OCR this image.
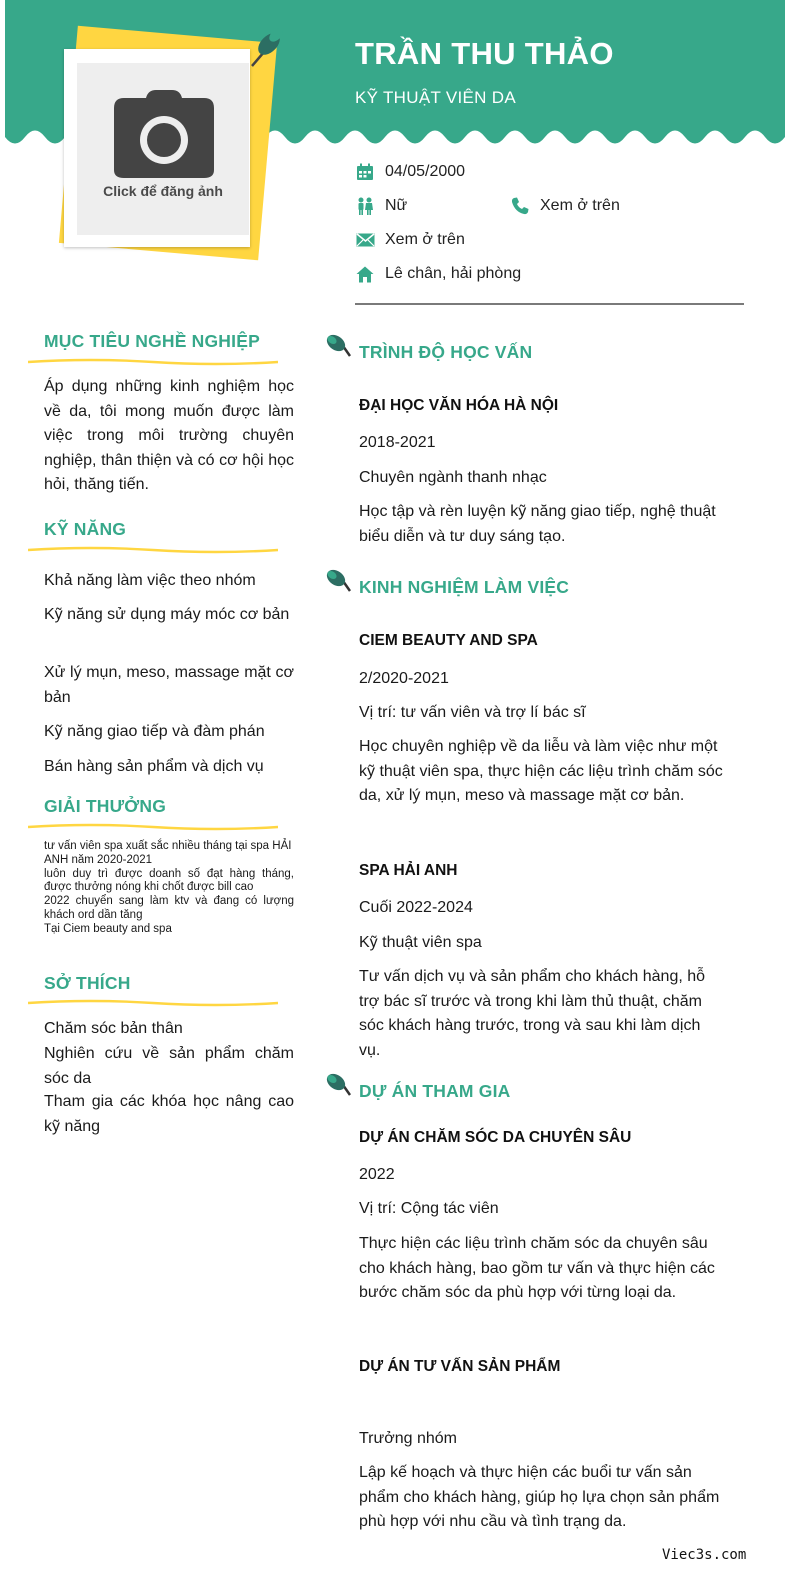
TRẦN THU THẢO
KỸ THUẬT VIÊN DA
Click để đăng ảnh
04/05/2000
Nữ	Xem ở trên
Xem ở trên
Lê chân, hải phòng
MỤC TIÊU NGHỀ NGHIỆP
Áp dụng những kinh nghiệm học về da, tôi mong muốn được làm việc trong môi trường chuyên nghiệp, thân thiện và có cơ hội học hỏi, thăng tiến.
KỸ NĂNG
Khả năng làm việc theo nhóm
Kỹ năng sử dụng máy móc cơ bản
Xử lý mụn, meso, massage mặt cơ bản
Kỹ năng giao tiếp và đàm phán
Bán hàng sản phẩm và dịch vụ
GIẢI THƯỞNG
tư vấn viên spa xuất sắc nhiều tháng tại spa HẢI
ANH năm 2020-2021
luôn duy trì được doanh số đạt hàng tháng, được thưởng nóng khi chốt được bill cao
2022 chuyển sang làm ktv và đang có lượng khách ord dần tăng
Tại Ciem beauty and spa
SỞ THÍCH
Chăm sóc bản thân
Nghiên cứu về sản phẩm chăm sóc da
Tham gia các khóa học nâng cao kỹ năng
TRÌNH ĐỘ HỌC VẤN
ĐẠI HỌC VĂN HÓA HÀ NỘI
2018-2021
Chuyên ngành thanh nhạc
Học tập và rèn luyện kỹ năng giao tiếp, nghệ thuật biểu diễn và tư duy sáng tạo.
KINH NGHIỆM LÀM VIỆC
CIEM BEAUTY AND SPA
2/2020-2021
Vị trí: tư vấn viên và trợ lí bác sĩ
Học chuyên nghiệp về da liễu và làm việc như một kỹ thuật viên spa, thực hiện các liệu trình chăm sóc da, xử lý mụn, meso và massage mặt cơ bản.
SPA HẢI ANH
Cuối 2022-2024
Kỹ thuật viên spa
Tư vấn dịch vụ và sản phẩm cho khách hàng, hỗ trợ bác sĩ trước và trong khi làm thủ thuật, chăm sóc khách hàng trước, trong và sau khi làm dịch vụ.
DỰ ÁN THAM GIA
DỰ ÁN CHĂM SÓC DA CHUYÊN SÂU
2022
Vị trí: Cộng tác viên
Thực hiện các liệu trình chăm sóc da chuyên sâu cho khách hàng, bao gồm tư vấn và thực hiện các bước chăm sóc da phù hợp với từng loại da.
DỰ ÁN TƯ VẤN SẢN PHẨM
Trưởng nhóm
Lập kế hoạch và thực hiện các buổi tư vấn sản phẩm cho khách hàng, giúp họ lựa chọn sản phẩm phù hợp với nhu cầu và tình trạng da.
Viec3s.com
